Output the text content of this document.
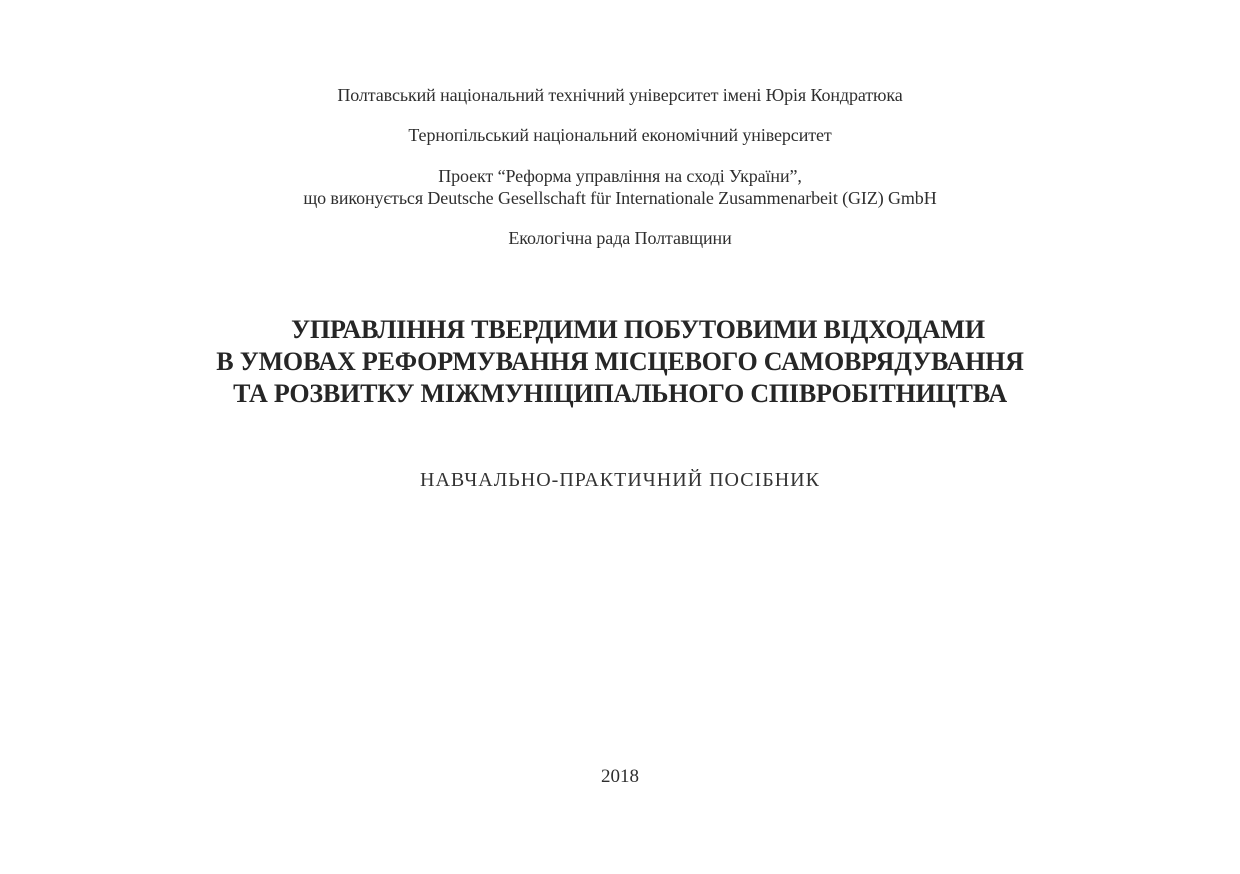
Полтавський національний технічний університет імені Юрія Кондратюка
Тернопільський національний економічний університет
Проект “Реформа управління на сході України”,
що виконується Deutsche Gesellschaft für Internationale Zusammenarbeit (GIZ) GmbH
Екологічна рада Полтавщини
УПРАВЛІННЯ ТВЕРДИМИ ПОБУТОВИМИ ВІДХОДАМИ
В УМОВАХ РЕФОРМУВАННЯ МІСЦЕВОГО САМОВРЯДУВАННЯ
ТА РОЗВИТКУ МІЖМУНІЦИПАЛЬНОГО СПІВРОБІТНИЦТВА
НАВЧАЛЬНО-ПРАКТИЧНИЙ ПОСІБНИК
2018
